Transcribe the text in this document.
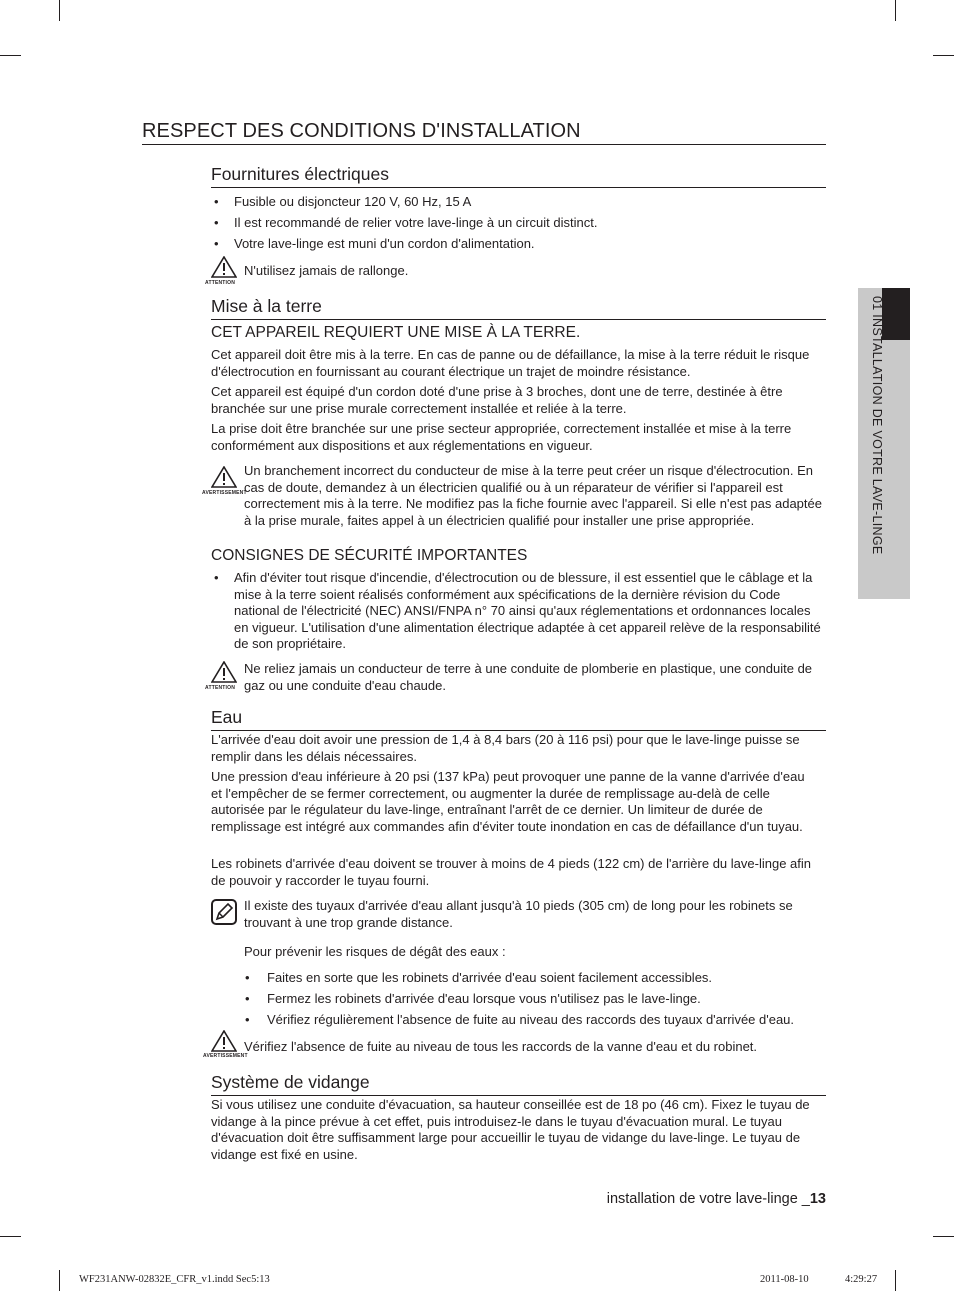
01 INSTALLATION DE VOTRE LAVE-LINGE
RESPECT DES CONDITIONS D'INSTALLATION
Fournitures électriques
• Fusible ou disjoncteur 120 V, 60 Hz, 15 A
• Il est recommandé de relier votre lave-linge à un circuit distinct.
• Votre lave-linge est muni d'un cordon d'alimentation.
ATTENTION
N'utilisez jamais de rallonge.
Mise à la terre
CET APPAREIL REQUIERT UNE MISE À LA TERRE.
Cet appareil doit être mis à la terre. En cas de panne ou de défaillance, la mise à la terre réduit le risque d'électrocution en fournissant au courant électrique un trajet de moindre résistance.
Cet appareil est équipé d'un cordon doté d'une prise à 3 broches, dont une de terre, destinée à être branchée sur une prise murale correctement installée et reliée à la terre.
La prise doit être branchée sur une prise secteur appropriée, correctement installée et mise à la terre conformément aux dispositions et aux réglementations en vigueur.
AVERTISSEMENT
Un branchement incorrect du conducteur de mise à la terre peut créer un risque d'électrocution. En cas de doute, demandez à un électricien qualifié ou à un réparateur de vérifier si l'appareil est correctement mis à la terre. Ne modifiez pas la fiche fournie avec l'appareil. Si elle n'est pas adaptée à la prise murale, faites appel à un électricien qualifié pour installer une prise appropriée.
CONSIGNES DE SÉCURITÉ IMPORTANTES
• Afin d'éviter tout risque d'incendie, d'électrocution ou de blessure, il est essentiel que le câblage et la mise à la terre soient réalisés conformément aux spécifications de la dernière révision du Code national de l'électricité (NEC) ANSI/FNPA n° 70 ainsi qu'aux réglementations et ordonnances locales en vigueur. L'utilisation d'une alimentation électrique adaptée à cet appareil relève de la responsabilité de son propriétaire.
ATTENTION
Ne reliez jamais un conducteur de terre à une conduite de plomberie en plastique, une conduite de gaz ou une conduite d'eau chaude.
Eau
L'arrivée d'eau doit avoir une pression de 1,4 à 8,4 bars (20 à 116 psi) pour que le lave-linge puisse se remplir dans les délais nécessaires.
Une pression d'eau inférieure à 20 psi (137 kPa) peut provoquer une panne de la vanne d'arrivée d'eau et l'empêcher de se fermer correctement, ou augmenter la durée de remplissage au-delà de celle autorisée par le régulateur du lave-linge, entraînant l'arrêt de ce dernier. Un limiteur de durée de remplissage est intégré aux commandes afin d'éviter toute inondation en cas de défaillance d'un tuyau.
Les robinets d'arrivée d'eau doivent se trouver à moins de 4 pieds (122 cm) de l'arrière du lave-linge afin de pouvoir y raccorder le tuyau fourni.
Il existe des tuyaux d'arrivée d'eau allant jusqu'à 10 pieds (305 cm) de long pour les robinets se trouvant à une trop grande distance.
Pour prévenir les risques de dégât des eaux :
• Faites en sorte que les robinets d'arrivée d'eau soient facilement accessibles.
• Fermez les robinets d'arrivée d'eau lorsque vous n'utilisez pas le lave-linge.
• Vérifiez régulièrement l'absence de fuite au niveau des raccords des tuyaux d'arrivée d'eau.
AVERTISSEMENT
Vérifiez l'absence de fuite au niveau de tous les raccords de la vanne d'eau et du robinet.
Système de vidange
Si vous utilisez une conduite d'évacuation, sa hauteur conseillée est de 18 po (46 cm). Fixez le tuyau de vidange à la pince prévue à cet effet, puis introduisez-le dans le tuyau d'évacuation mural. Le tuyau d'évacuation doit être suffisamment large pour accueillir le tuyau de vidange du lave-linge. Le tuyau de vidange est fixé en usine.
installation de votre lave-linge _13
WF231ANW-02832E_CFR_v1.indd Sec5:13	2011-08-10	4:29:27
